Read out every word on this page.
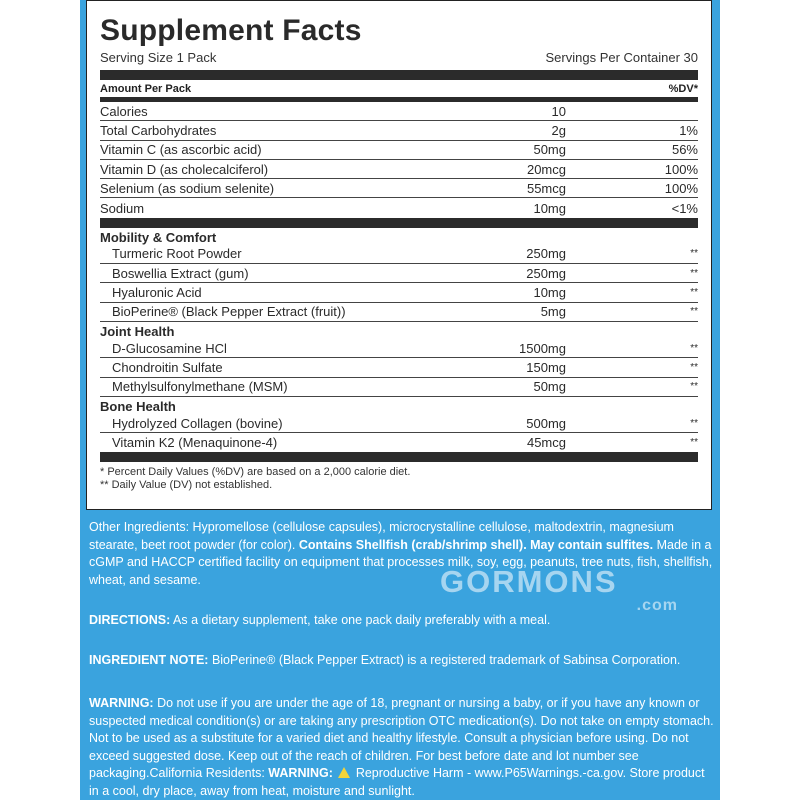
Supplement Facts
Serving Size 1 Pack	Servings Per Container 30
Amount Per Pack	%DV*
Calories	10
Total Carbohydrates	2g	1%
Vitamin C (as ascorbic acid)	50mg	56%
Vitamin D (as cholecalciferol)	20mcg	100%
Selenium (as sodium selenite)	55mcg	100%
Sodium	10mg	<1%
Mobility & Comfort
Turmeric Root Powder	250mg	**
Boswellia Extract (gum)	250mg	**
Hyaluronic Acid	10mg	**
BioPerine® (Black Pepper Extract (fruit))	5mg	**
Joint Health
D-Glucosamine HCl	1500mg	**
Chondroitin Sulfate	150mg	**
Methylsulfonylmethane (MSM)	50mg	**
Bone Health
Hydrolyzed Collagen (bovine)	500mg	**
Vitamin K2 (Menaquinone-4)	45mcg	**
* Percent Daily Values (%DV) are based on a 2,000 calorie diet.
** Daily Value (DV) not established.
Other Ingredients: Hypromellose (cellulose capsules), microcrystalline cellulose, maltodextrin, magnesium stearate, beet root powder (for color). Contains Shellfish (crab/shrimp shell). May contain sulfites. Made in a cGMP and HACCP certified facility on equipment that processes milk, soy, egg, peanuts, tree nuts, fish, shellfish, wheat, and sesame.	GORMONS
.com
DIRECTIONS: As a dietary supplement, take one pack daily preferably with a meal.
INGREDIENT NOTE: BioPerine® (Black Pepper Extract) is a registered trademark of Sabinsa Corporation.
WARNING: Do not use if you are under the age of 18, pregnant or nursing a baby, or if you have any known or suspected medical condition(s) or are taking any prescription OTC medication(s). Do not take on empty stomach. Not to be used as a substitute for a varied diet and healthy lifestyle. Consult a physician before using. Do not exceed suggested dose. Keep out of the reach of children. For best before date and lot number see packaging.California Residents: WARNING: Reproductive Harm - www.P65Warnings.-ca.gov. Store product in a cool, dry place, away from heat, moisture and sunlight.
